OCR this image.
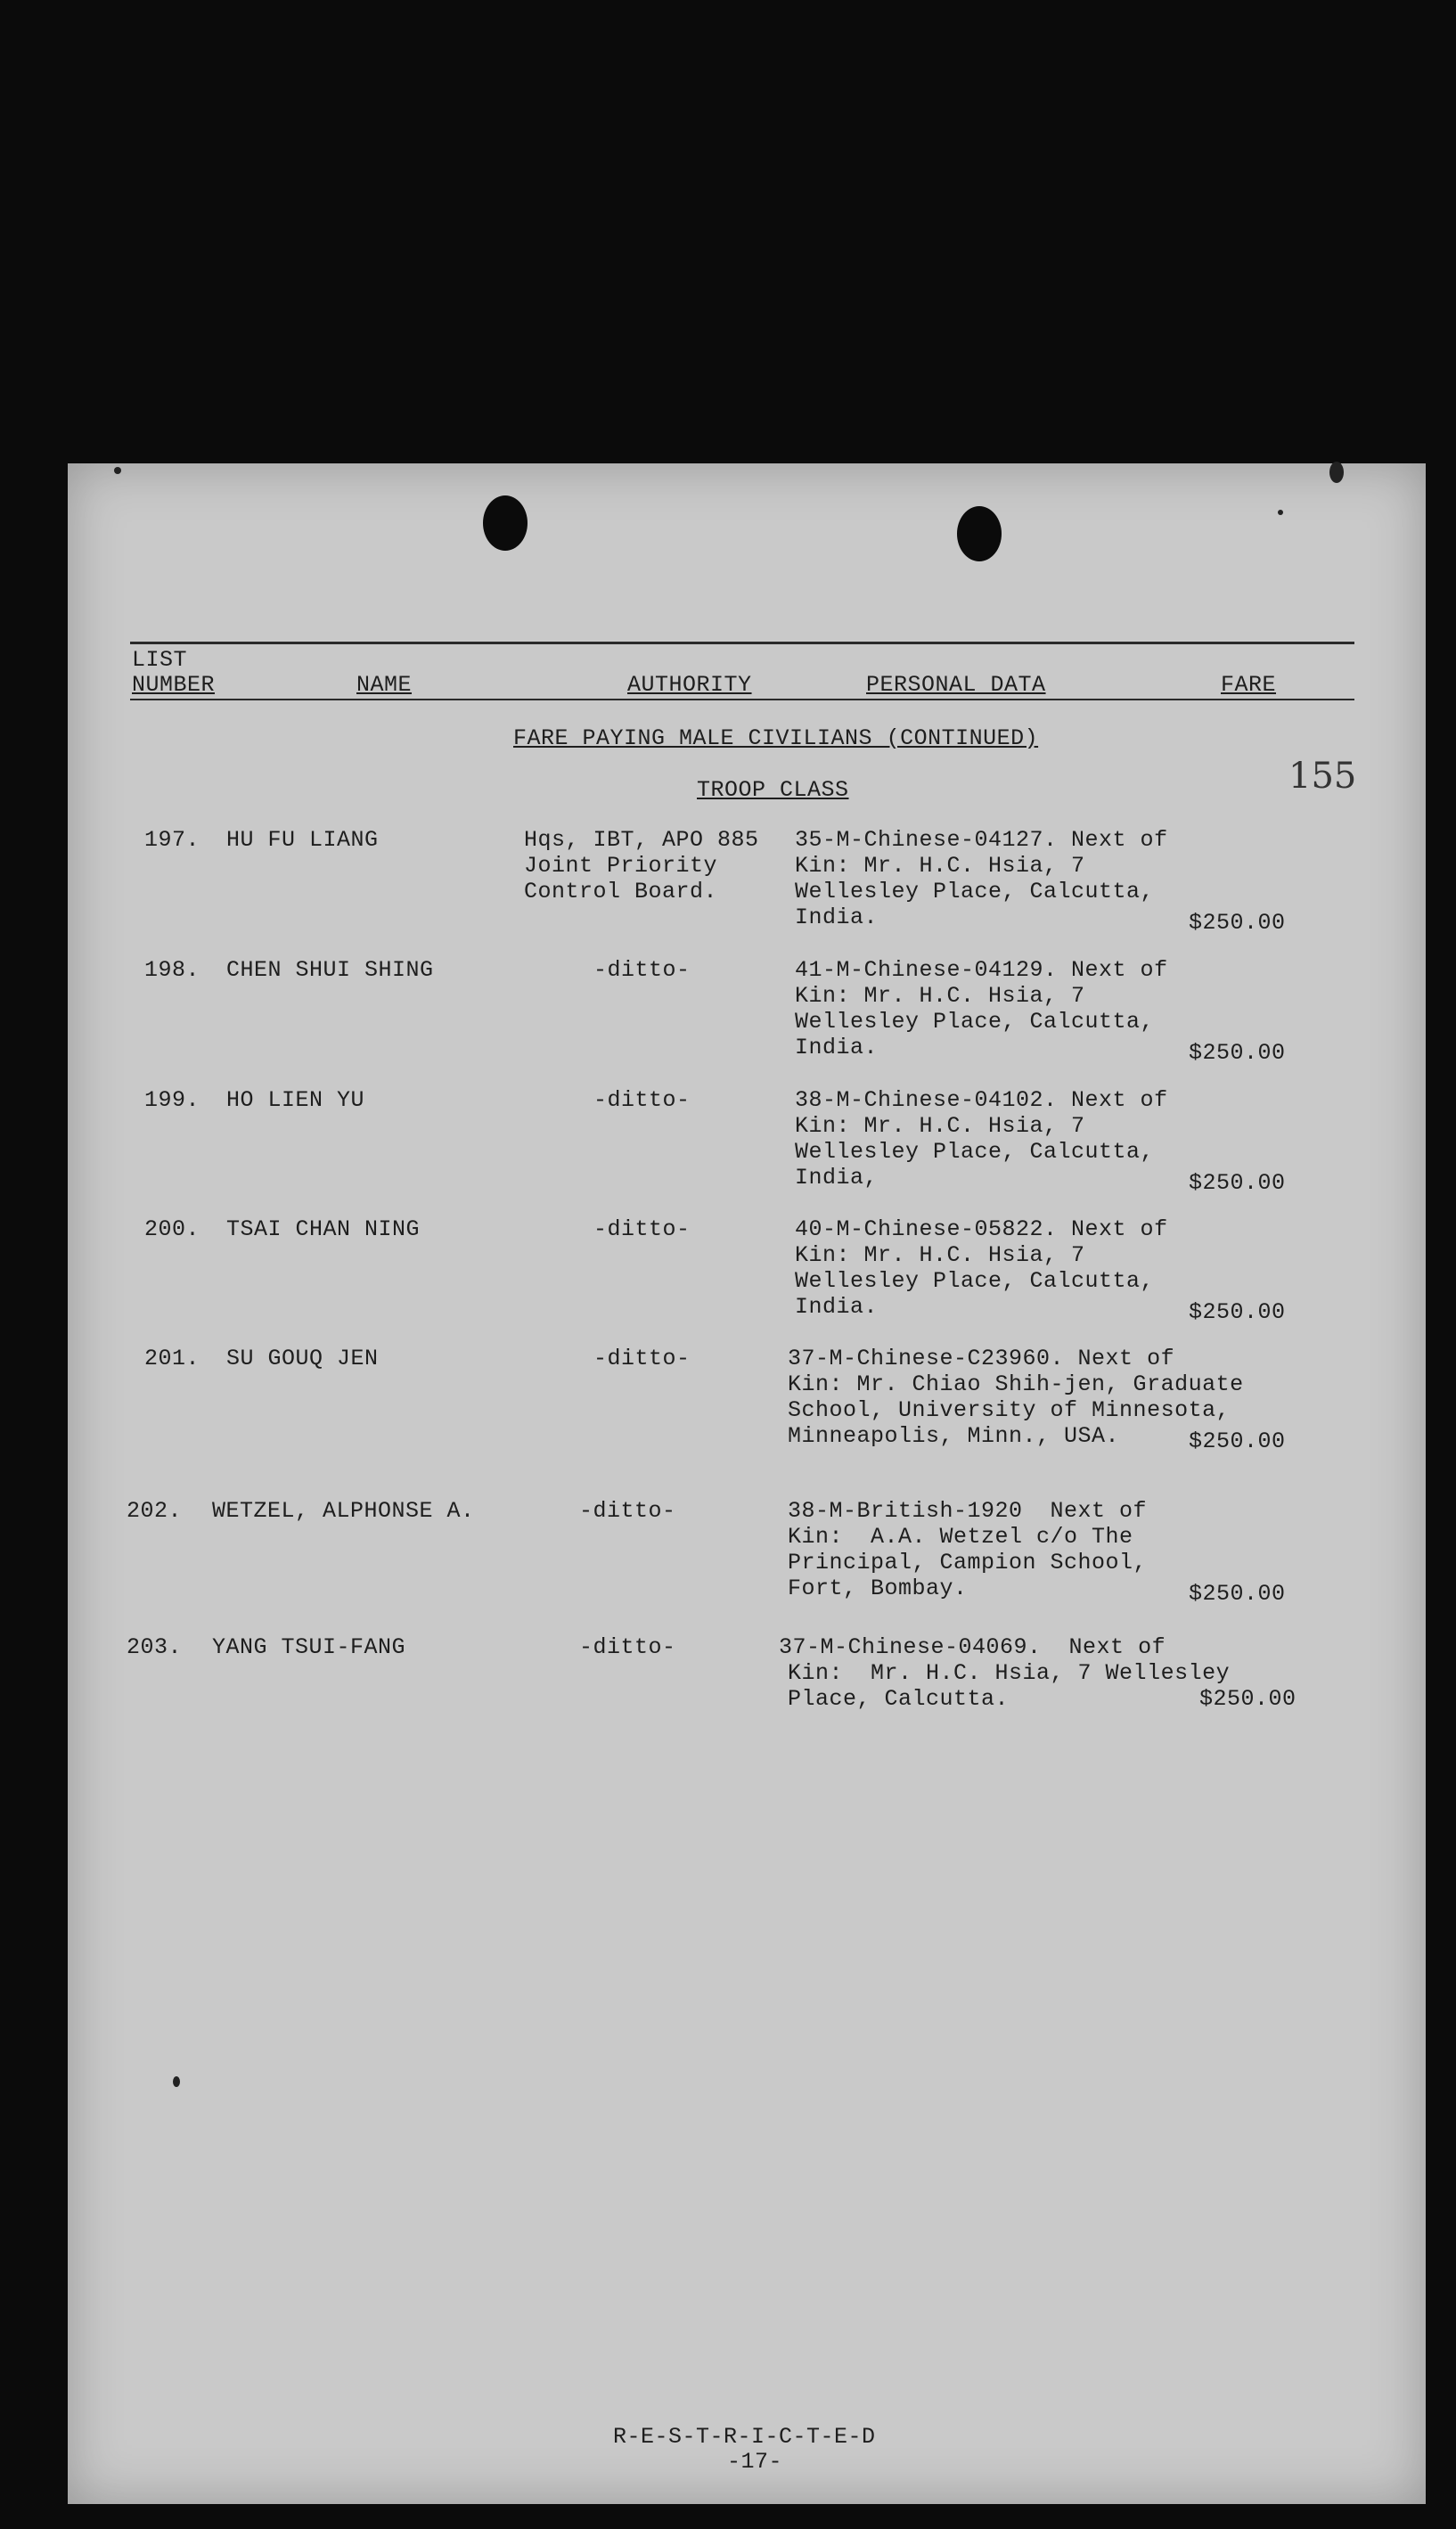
LIST
NUMBER	NAME	AUTHORITY	PERSONAL DATA	FARE
FARE PAYING MALE CIVILIANS (CONTINUED)
TROOP CLASS	155
197. HU FU LIANG	Hqs, IBT, APO 885
Joint Priority
Control Board.
35-M-Chinese-04127. Next of
Kin: Mr. H.C. Hsia, 7
Wellesley Place, Calcutta,
India.	$250.00
198. CHEN SHUI SHING	-ditto-	41-M-Chinese-04129. Next of
Kin: Mr. H.C. Hsia, 7
Wellesley Place, Calcutta,
India.	$250.00
199. HO LIEN YU	-ditto-	38-M-Chinese-04102. Next of
Kin: Mr. H.C. Hsia, 7
Wellesley Place, Calcutta,
India,	$250.00
200. TSAI CHAN NING	-ditto-	40-M-Chinese-05822. Next of
Kin: Mr. H.C. Hsia, 7
Wellesley Place, Calcutta,
India.	$250.00
201. SU GOUQ JEN	-ditto-	37-M-Chinese-C23960. Next of
Kin: Mr. Chiao Shih-jen, Graduate
School, University of Minnesota,
Minneapolis, Minn., USA.	$250.00
202. WETZEL, ALPHONSE A.	-ditto-	38-M-British-1920  Next of
Kin:  A.A. Wetzel c/o The
Principal, Campion School,
Fort, Bombay.	$250.00
203. YANG TSUI-FANG	-ditto-	37-M-Chinese-04069.  Next of
Kin:  Mr. H.C. Hsia, 7 Wellesley
Place, Calcutta.	$250.00
R-E-S-T-R-I-C-T-E-D
-17-
